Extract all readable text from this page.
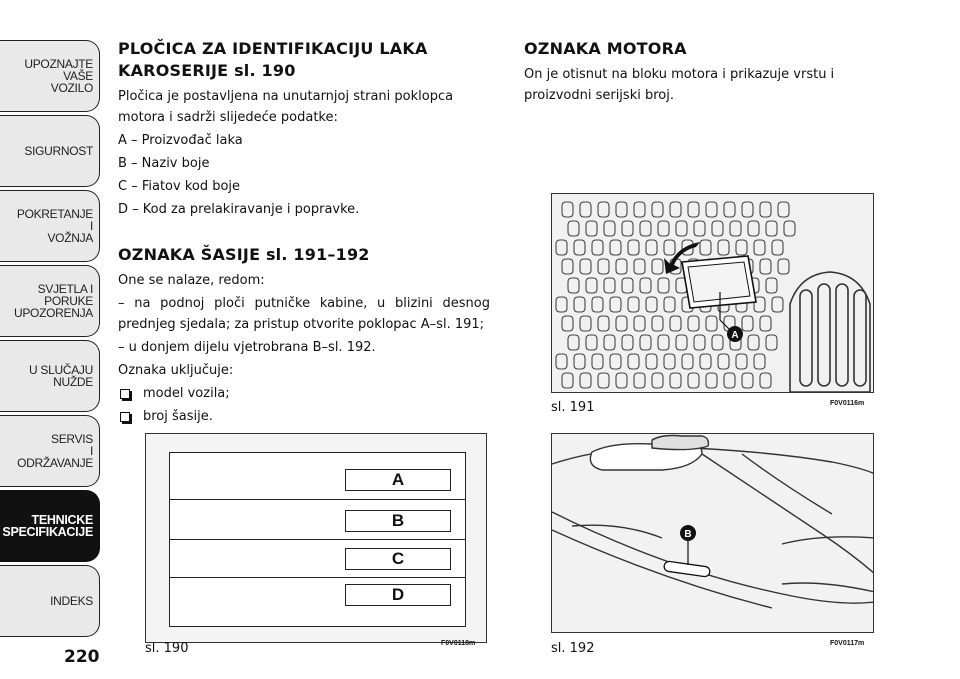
UPOZNAJTE
VAŠE
VOZILO
SIGURNOST
POKRETANJE
I
VOŽNJA
SVJETLA I
PORUKE
UPOZORENJA
U SLUČAJU
NUŽDE
SERVIS
I
ODRŽAVANJE
TEHNICKE
SPECIFIKACIJE
INDEKS
220
PLOČICA ZA IDENTIFIKACIJU LAKA KAROSERIJE sl. 190

Pločica je postavljena na unutarnjoj strani poklopca motora i sadrži slijedeće podatke:

A – Proizvođač laka

B – Naziv boje

C – Fiatov kod boje

D – Kod za prelakiravanje i popravke.

OZNAKA ŠASIJE sl. 191–192

One se nalaze, redom:

– na podnoj ploči putničke kabine, u blizini desnog prednjeg sjedala; za pristup otvorite poklopac A–sl. 191;

– u donjem dijelu vjetrobrana B–sl. 192.

Oznaka uključuje:

model vozila;
broj šasije.
OZNAKA MOTORA

On je otisnut na bloku motora i prikazuje vrstu i proizvodni serijski broj.

A
B
C
D
sl. 190	F0V0118m
A
sl. 191	F0V0116m
B
sl. 192	F0V0117m
